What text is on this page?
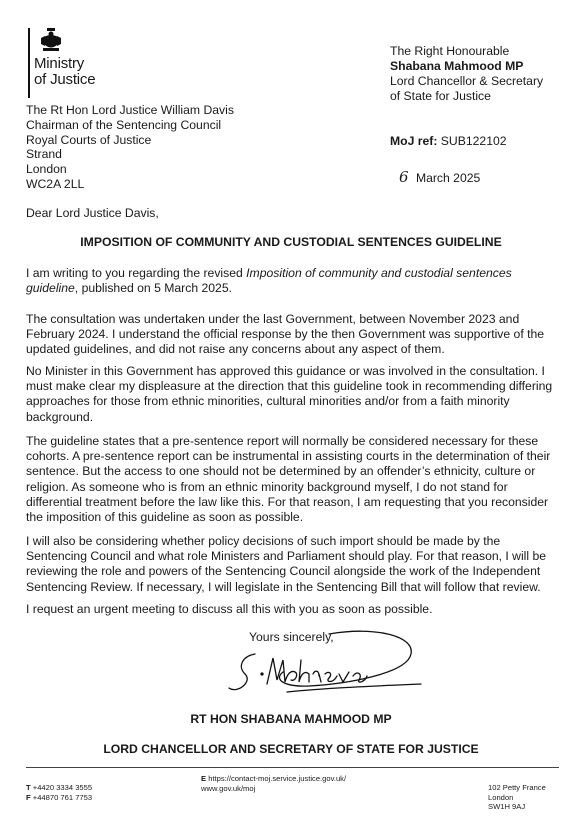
Ministry
of Justice
The Right Honourable
Shabana Mahmood MP
Lord Chancellor & Secretary
of State for Justice
The Rt Hon Lord Justice William Davis
Chairman of the Sentencing Council
Royal Courts of Justice
Strand
London
WC2A 2LL
MoJ ref: SUB122102
6 March 2025
Dear Lord Justice Davis,
IMPOSITION OF COMMUNITY AND CUSTODIAL SENTENCES GUIDELINE

I am writing to you regarding the revised Imposition of community and custodial sentences guideline, published on 5 March 2025.

The consultation was undertaken under the last Government, between November 2023 and February 2024. I understand the official response by the then Government was supportive of the updated guidelines, and did not raise any concerns about any aspect of them.

No Minister in this Government has approved this guidance or was involved in the consultation. I must make clear my displeasure at the direction that this guideline took in recommending differing approaches for those from ethnic minorities, cultural minorities and/or from a faith minority background.

The guideline states that a pre-sentence report will normally be considered necessary for these cohorts. A pre-sentence report can be instrumental in assisting courts in the determination of their sentence. But the access to one should not be determined by an offender’s ethnicity, culture or religion. As someone who is from an ethnic minority background myself, I do not stand for differential treatment before the law like this. For that reason, I am requesting that you reconsider the imposition of this guideline as soon as possible.

I will also be considering whether policy decisions of such import should be made by the Sentencing Council and what role Ministers and Parliament should play. For that reason, I will be reviewing the role and powers of the Sentencing Council alongside the work of the Independent Sentencing Review. If necessary, I will legislate in the Sentencing Bill that will follow that review.

I request an urgent meeting to discuss all this with you as soon as possible.

Yours sincerely,
RT HON SHABANA MAHMOOD MP
LORD CHANCELLOR AND SECRETARY OF STATE FOR JUSTICE
T +4420 3334 3555
F +44870 761 7753
E https://contact-moj.service.justice.gov.uk/
www.gov.uk/moj	102 Petty France
London
SW1H 9AJ
